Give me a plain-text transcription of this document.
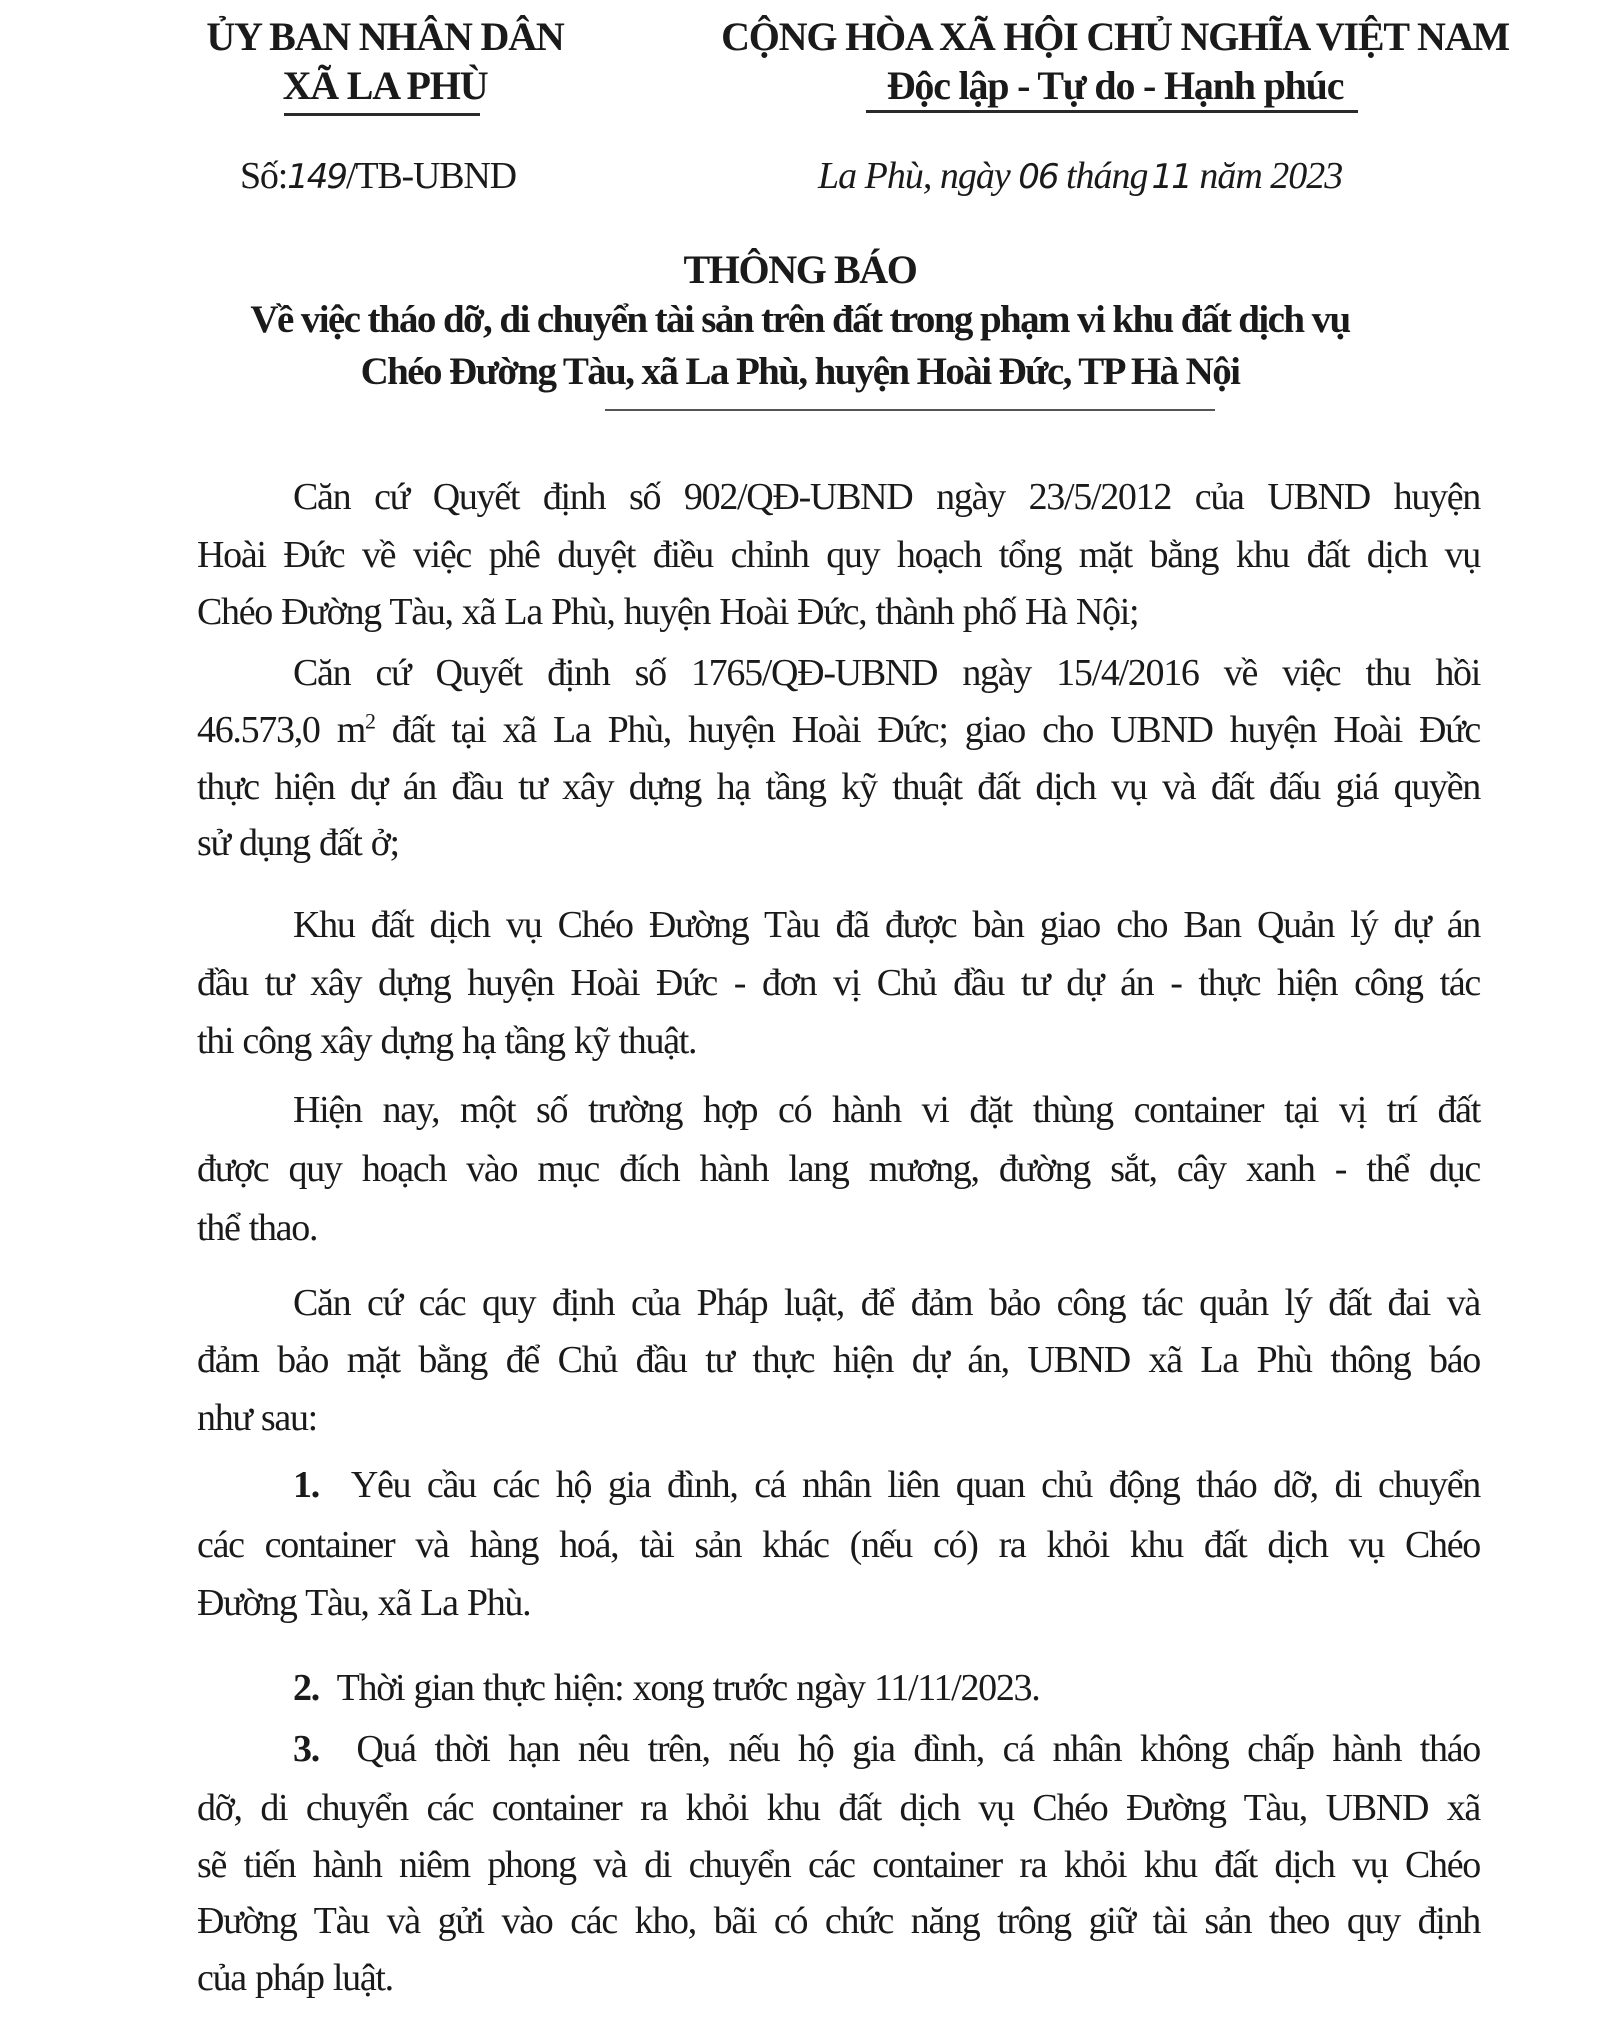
ỦY BAN NHÂN DÂN
XÃ LA PHÙ
Số:149/TB-UBND
CỘNG HÒA XÃ HỘI CHỦ NGHĨA VIỆT NAM
Độc lập - Tự do - Hạnh phúc
La Phù, ngày 06 tháng 11 năm 2023
THÔNG BÁO
Về việc tháo dỡ, di chuyển tài sản trên đất trong phạm vi khu đất dịch vụ
Chéo Đường Tàu, xã La Phù, huyện Hoài Đức, TP Hà Nội
Căn cứ Quyết định số 902/QĐ-UBND ngày 23/5/2012 của UBND huyện
Hoài Đức về việc phê duyệt điều chỉnh quy hoạch tổng mặt bằng khu đất dịch vụ
Chéo Đường Tàu, xã La Phù, huyện Hoài Đức, thành phố Hà Nội;
Căn cứ Quyết định số 1765/QĐ-UBND ngày 15/4/2016 về việc thu hồi
46.573,0 $m^2$ đất tại xã La Phù, huyện Hoài Đức; giao cho UBND huyện Hoài Đức
thực hiện dự án đầu tư xây dựng hạ tầng kỹ thuật đất dịch vụ và đất đấu giá quyền
sử dụng đất ở;
Khu đất dịch vụ Chéo Đường Tàu đã được bàn giao cho Ban Quản lý dự án
đầu tư xây dựng huyện Hoài Đức - đơn vị Chủ đầu tư dự án - thực hiện công tác
thi công xây dựng hạ tầng kỹ thuật.
Hiện nay, một số trường hợp có hành vi đặt thùng container tại vị trí đất
được quy hoạch vào mục đích hành lang mương, đường sắt, cây xanh - thể dục
thể thao.
Căn cứ các quy định của Pháp luật, để đảm bảo công tác quản lý đất đai và
đảm bảo mặt bằng để Chủ đầu tư thực hiện dự án, UBND xã La Phù thông báo
như sau:
1. Yêu cầu các hộ gia đình, cá nhân liên quan chủ động tháo dỡ, di chuyển
các container và hàng hoá, tài sản khác (nếu có) ra khỏi khu đất dịch vụ Chéo
Đường Tàu, xã La Phù.
2. Thời gian thực hiện: xong trước ngày 11/11/2023.
3. Quá thời hạn nêu trên, nếu hộ gia đình, cá nhân không chấp hành tháo
dỡ, di chuyển các container ra khỏi khu đất dịch vụ Chéo Đường Tàu, UBND xã
sẽ tiến hành niêm phong và di chuyển các container ra khỏi khu đất dịch vụ Chéo
Đường Tàu và gửi vào các kho, bãi có chức năng trông giữ tài sản theo quy định
của pháp luật.
